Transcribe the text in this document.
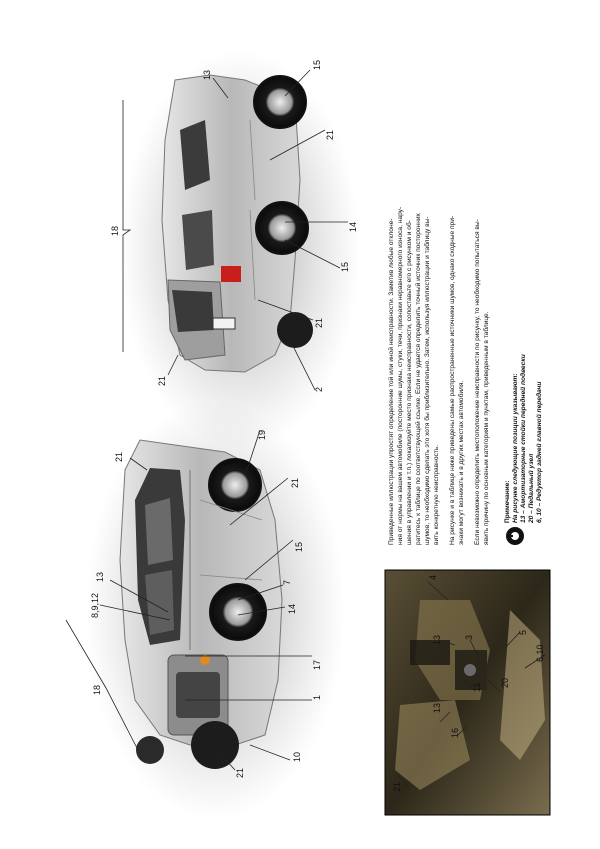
21
21
15
7
14
17
1
10
21
13
8,9,12
18
13
15
21
14
15
21
2
21
18
4
13 3
5
6,10
11 20
13
16
21
Приведенные иллюстрации упростят определение той или иной неисправности. Заметив любые отклоне- ния от нормы на вашем автомобиле (посторонние шумы, стуки, течи, признаки неравномерного износа, нару- шения в управлении и т.п.) локализуйте место признака неисправности, сопоставьте его с рисунком и об- ратитесь к таблице по соответствующей ссылке. Если не удается определить точный источник посторонних шумов, то необходимо сделать это хотя бы приблизительно. Затем, используя иллюстрации и таблицу вы- вить конкретную неисправность. На рисунке и в таблице ниже приведены самые распространенные источники шумов, однако сходные при- знаки могут возникать и в других местах автомобиля. Если невозможно определить местоположение неисправности по рисунку, то необходимо попытаться вы- явить причину по основным категориям и пунктам, приведенным в таблице. Примечание: На рисунке следующие позиции указывают: 13 – Амортизаторные стойки передней подвески 20 – Педальный узел 6, 10 – Редуктор задней главной передачи
